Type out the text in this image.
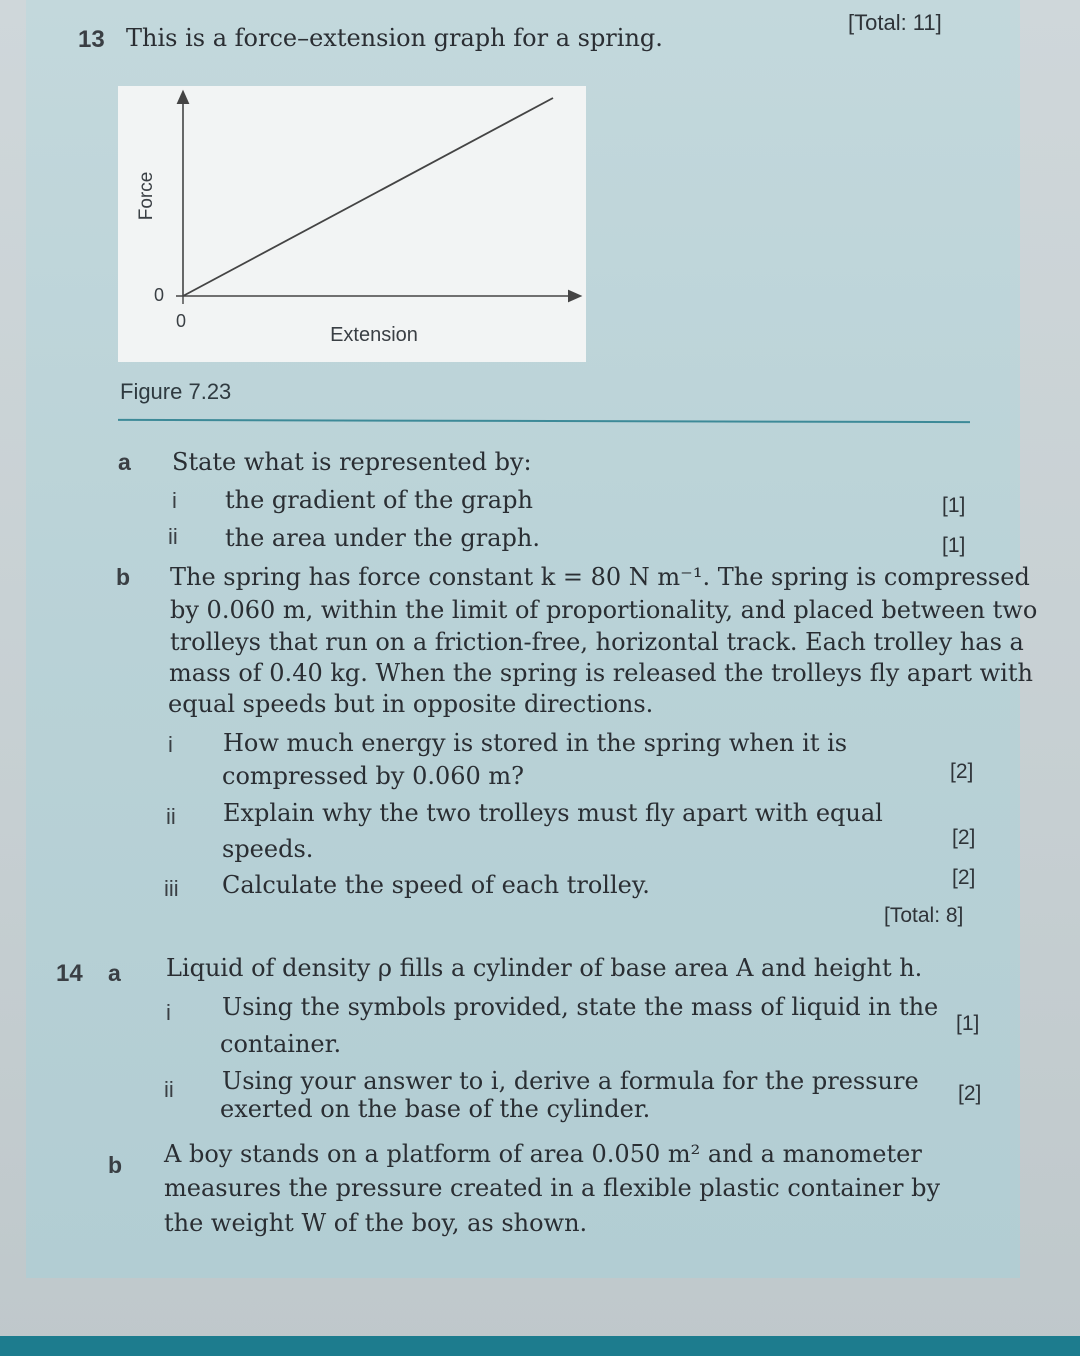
13 This is a force–extension graph for a spring.
[Total: 11]
Force
Extension
0
0
Figure 7.23
a State what is represented by:
i the gradient of the graph	[1]
ii the area under the graph.	[1]
b The spring has force constant k = 80 N m⁻¹. The spring is compressed
by 0.060 m, within the limit of proportionality, and placed between two
trolleys that run on a friction-free, horizontal track. Each trolley has a
mass of 0.40 kg. When the spring is released the trolleys fly apart with
equal speeds but in opposite directions.
i How much energy is stored in the spring when it is
compressed by 0.060 m?	[2]
ii Explain why the two trolleys must fly apart with equal
speeds.	[2]
iii Calculate the speed of each trolley.	[2]
[Total: 8]
14 a Liquid of density ρ fills a cylinder of base area A and height h.
i Using the symbols provided, state the mass of liquid in the
container.
[1]
ii Using your answer to i, derive a formula for the pressure
exerted on the base of the cylinder.
[2]
b A boy stands on a platform of area 0.050 m² and a manometer
measures the pressure created in a flexible plastic container by
the weight W of the boy, as shown.
